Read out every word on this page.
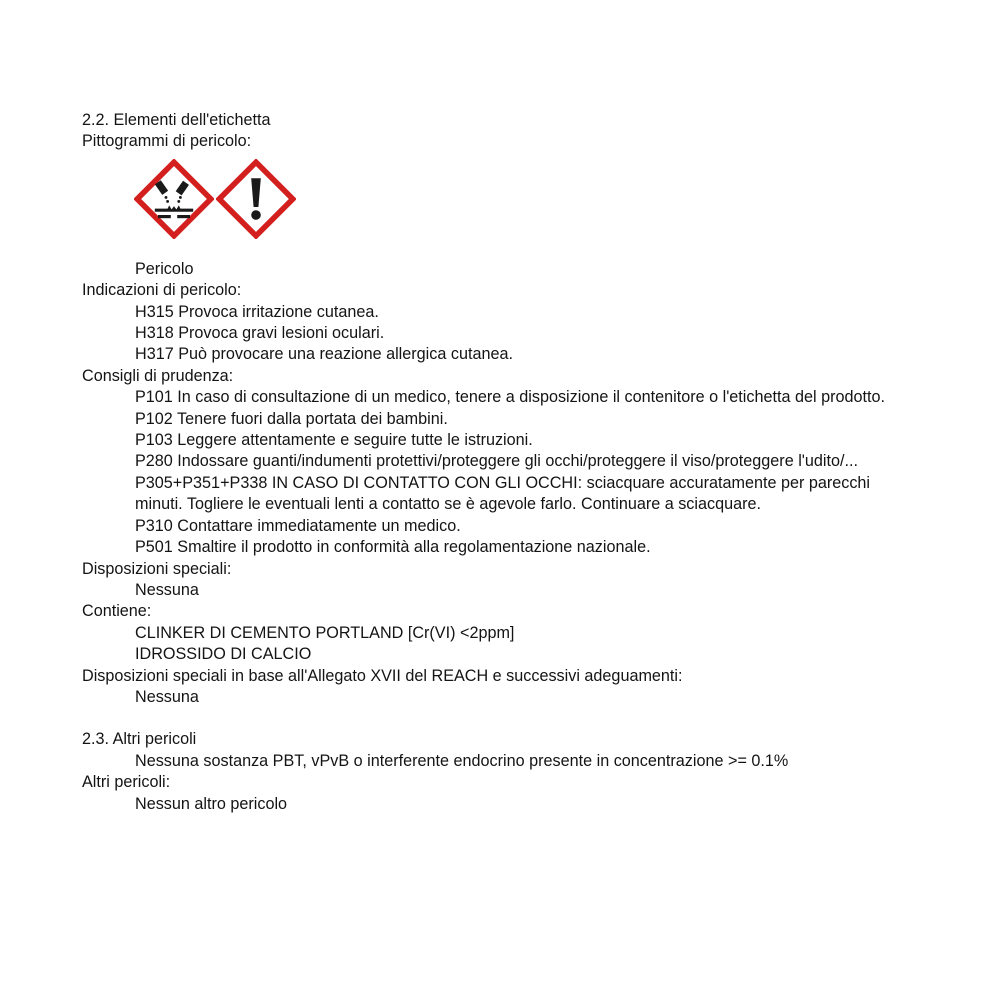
2.2. Elementi dell'etichetta
Pittogrammi di pericolo:
Pericolo
Indicazioni di pericolo:
H315 Provoca irritazione cutanea.
H318 Provoca gravi lesioni oculari.
H317 Può provocare una reazione allergica cutanea.
Consigli di prudenza:
P101 In caso di consultazione di un medico, tenere a disposizione il contenitore o l'etichetta del prodotto.
P102 Tenere fuori dalla portata dei bambini.
P103 Leggere attentamente e seguire tutte le istruzioni.
P280 Indossare guanti/indumenti protettivi/proteggere gli occhi/proteggere il viso/proteggere l'udito/...
P305+P351+P338 IN CASO DI CONTATTO CON GLI OCCHI: sciacquare accuratamente per parecchi minuti. Togliere le eventuali lenti a contatto se è agevole farlo. Continuare a sciacquare.
P310 Contattare immediatamente un medico.
P501 Smaltire il prodotto in conformità alla regolamentazione nazionale.
Disposizioni speciali:
Nessuna
Contiene:
CLINKER DI CEMENTO PORTLAND [Cr(VI) <2ppm]
IDROSSIDO DI CALCIO
Disposizioni speciali in base all'Allegato XVII del REACH e successivi adeguamenti:
Nessuna
2.3. Altri pericoli
Nessuna sostanza PBT, vPvB o interferente endocrino presente in concentrazione >= 0.1%
Altri pericoli:
Nessun altro pericolo
